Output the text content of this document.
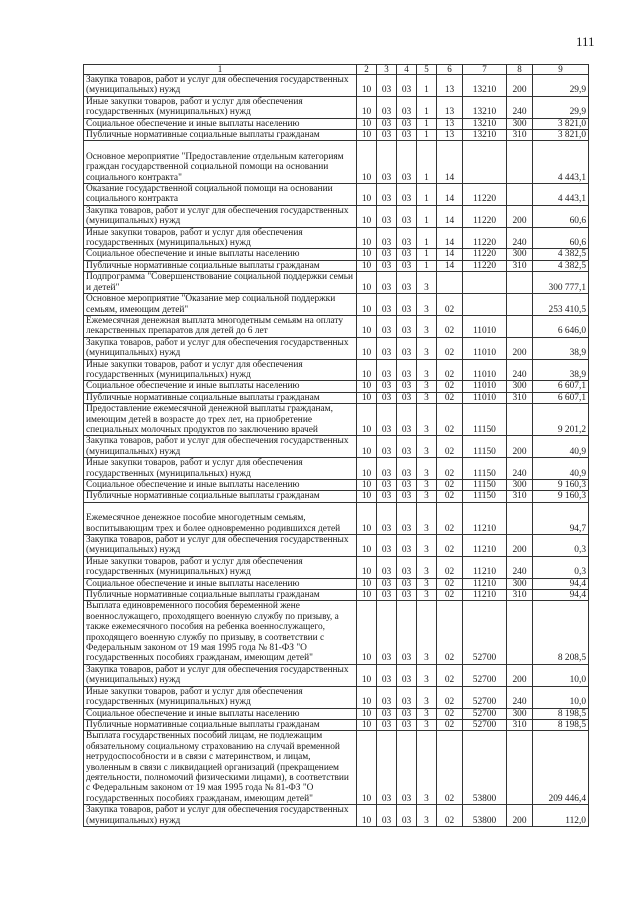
111
1	2	3	4	5	6	7	8	9
Закупка товаров, работ и услуг для обеспечения государственных (муниципальных) нужд	10	03	03	1	13	13210	200	29,9
Иные закупки товаров, работ и услуг для обеспечения государственных (муниципальных) нужд	10	03	03	1	13	13210	240	29,9
Социальное обеспечение и иные выплаты населению	10	03	03	1	13	13210	300	3 821,0
Публичные нормативные социальные выплаты гражданам	10	03	03	1	13	13210	310	3 821,0
Основное мероприятие "Предоставление отдельным категориям граждан государственной социальной помощи на основании социального контракта"	10	03	03	1	14			4 443,1
Оказание государственной социальной помощи на основании социального контракта	10	03	03	1	14	11220		4 443,1
Закупка товаров, работ и услуг для обеспечения государственных (муниципальных) нужд	10	03	03	1	14	11220	200	60,6
Иные закупки товаров, работ и услуг для обеспечения государственных (муниципальных) нужд	10	03	03	1	14	11220	240	60,6
Социальное обеспечение и иные выплаты населению	10	03	03	1	14	11220	300	4 382,5
Публичные нормативные социальные выплаты гражданам	10	03	03	1	14	11220	310	4 382,5
Подпрограмма "Совершенствование социальной поддержки семьи и детей"	10	03	03	3				300 777,1
Основное мероприятие "Оказание мер социальной поддержки семьям, имеющим детей"	10	03	03	3	02			253 410,5
Ежемесячная денежная выплата многодетным семьям на оплату лекарственных препаратов для детей до 6 лет	10	03	03	3	02	11010		6 646,0
Закупка товаров, работ и услуг для обеспечения государственных (муниципальных) нужд	10	03	03	3	02	11010	200	38,9
Иные закупки товаров, работ и услуг для обеспечения государственных (муниципальных) нужд	10	03	03	3	02	11010	240	38,9
Социальное обеспечение и иные выплаты населению	10	03	03	3	02	11010	300	6 607,1
Публичные нормативные социальные выплаты гражданам	10	03	03	3	02	11010	310	6 607,1
Предоставление ежемесячной денежной выплаты гражданам, имеющим детей в возрасте до трех лет, на приобретение специальных молочных продуктов по заключению врачей	10	03	03	3	02	11150		9 201,2
Закупка товаров, работ и услуг для обеспечения государственных (муниципальных) нужд	10	03	03	3	02	11150	200	40,9
Иные закупки товаров, работ и услуг для обеспечения государственных (муниципальных) нужд	10	03	03	3	02	11150	240	40,9
Социальное обеспечение и иные выплаты населению	10	03	03	3	02	11150	300	9 160,3
Публичные нормативные социальные выплаты гражданам	10	03	03	3	02	11150	310	9 160,3
Ежемесячное денежное пособие многодетным семьям, воспитывающим трех и более одновременно родившихся детей	10	03	03	3	02	11210		94,7
Закупка товаров, работ и услуг для обеспечения государственных (муниципальных) нужд	10	03	03	3	02	11210	200	0,3
Иные закупки товаров, работ и услуг для обеспечения государственных (муниципальных) нужд	10	03	03	3	02	11210	240	0,3
Социальное обеспечение и иные выплаты населению	10	03	03	3	02	11210	300	94,4
Публичные нормативные социальные выплаты гражданам	10	03	03	3	02	11210	310	94,4
Выплата единовременного пособия беременной жене военнослужащего, проходящего военную службу по призыву, а также ежемесячного пособия на ребенка военнослужащего, проходящего военную службу по призыву, в соответствии с Федеральным законом от 19 мая 1995 года № 81-ФЗ "О государственных пособиях гражданам, имеющим детей"	10	03	03	3	02	52700		8 208,5
Закупка товаров, работ и услуг для обеспечения государственных (муниципальных) нужд	10	03	03	3	02	52700	200	10,0
Иные закупки товаров, работ и услуг для обеспечения государственных (муниципальных) нужд	10	03	03	3	02	52700	240	10,0
Социальное обеспечение и иные выплаты населению	10	03	03	3	02	52700	300	8 198,5
Публичные нормативные социальные выплаты гражданам	10	03	03	3	02	52700	310	8 198,5
Выплата государственных пособий лицам, не подлежащим обязательному социальному страхованию на случай временной нетрудоспособности и в связи с материнством, и лицам, уволенным в связи с ликвидацией организаций (прекращением деятельности, полномочий физическими лицами), в соответствии с Федеральным законом от 19 мая 1995 года № 81-ФЗ "О государственных пособиях гражданам, имеющим детей"	10	03	03	3	02	53800		209 446,4
Закупка товаров, работ и услуг для обеспечения государственных (муниципальных) нужд	10	03	03	3	02	53800	200	112,0
